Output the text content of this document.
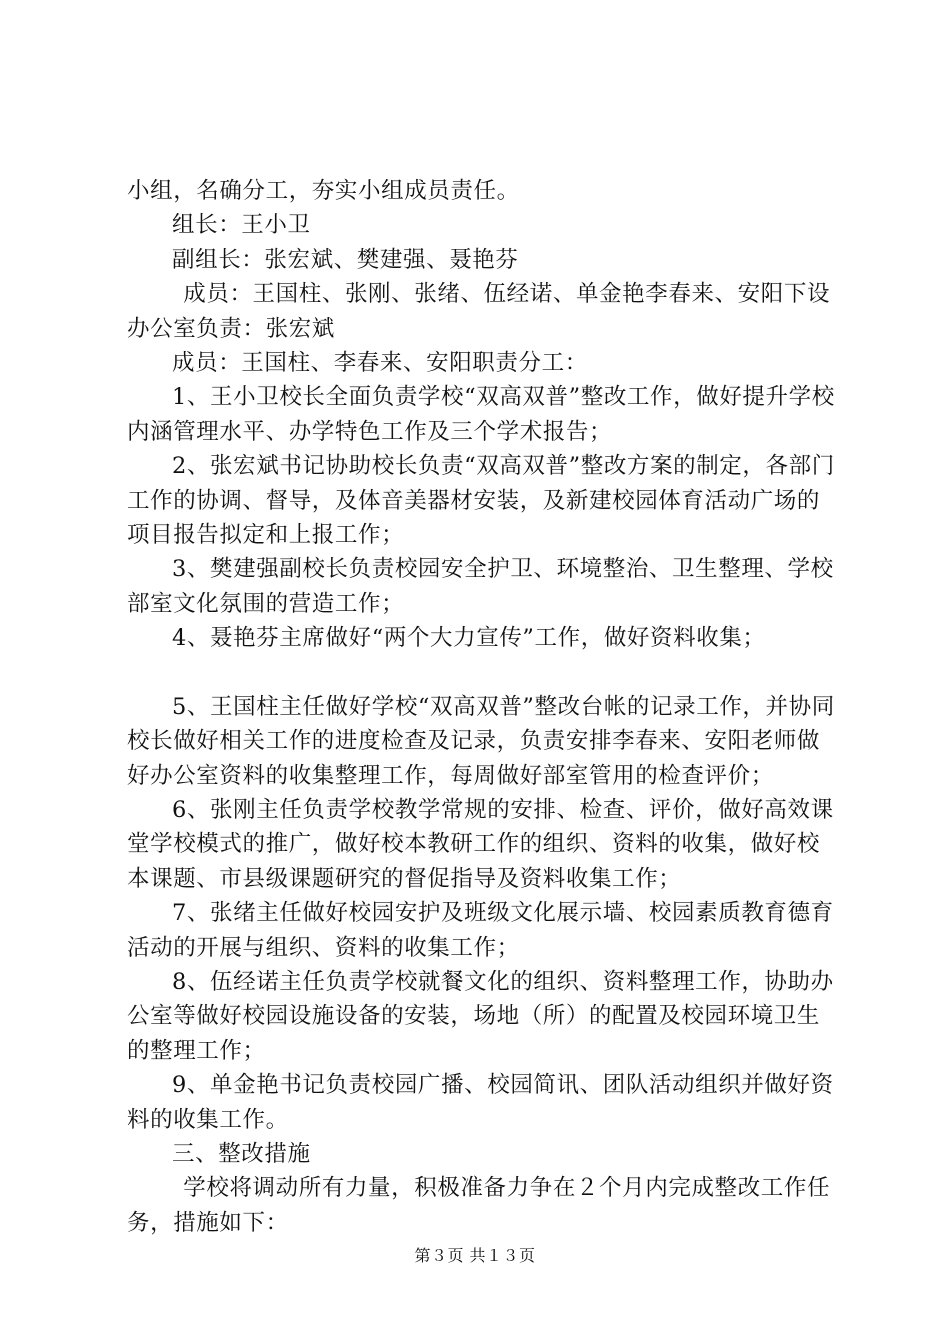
小组，名确分工，夯实小组成员责任。

组长：王小卫

副组长：张宏斌、樊建强、聂艳芬

成员：王国柱、张刚、张绪、伍经诺、单金艳李春来、安阳下设办公室负责：张宏斌

成员：王国柱、李春来、安阳职责分工：

1、王小卫校长全面负责学校“双高双普”整改工作，做好提升学校内涵管理水平、办学特色工作及三个学术报告；

2、张宏斌书记协助校长负责“双高双普”整改方案的制定，各部门工作的协调、督导，及体音美器材安装，及新建校园体育活动广场的项目报告拟定和上报工作；

3、樊建强副校长负责校园安全护卫、环境整治、卫生整理、学校部室文化氛围的营造工作；

4、聂艳芬主席做好“两个大力宣传”工作，做好资料收集；

5、王国柱主任做好学校“双高双普”整改台帐的记录工作，并协同校长做好相关工作的进度检查及记录，负责安排李春来、安阳老师做好办公室资料的收集整理工作，每周做好部室管用的检查评价；

6、张刚主任负责学校教学常规的安排、检查、评价，做好高效课堂学校模式的推广，做好校本教研工作的组织、资料的收集，做好校本课题、市县级课题研究的督促指导及资料收集工作；

7、张绪主任做好校园安护及班级文化展示墙、校园素质教育德育活动的开展与组织、资料的收集工作；

8、伍经诺主任负责学校就餐文化的组织、资料整理工作，协助办公室等做好校园设施设备的安装，场地（所）的配置及校园环境卫生的整理工作；

9、单金艳书记负责校园广播、校园简讯、团队活动组织并做好资料的收集工作。

三、整改措施

学校将调动所有力量，积极准备力争在２个月内完成整改工作任务，措施如下：

第３页 共１３页
